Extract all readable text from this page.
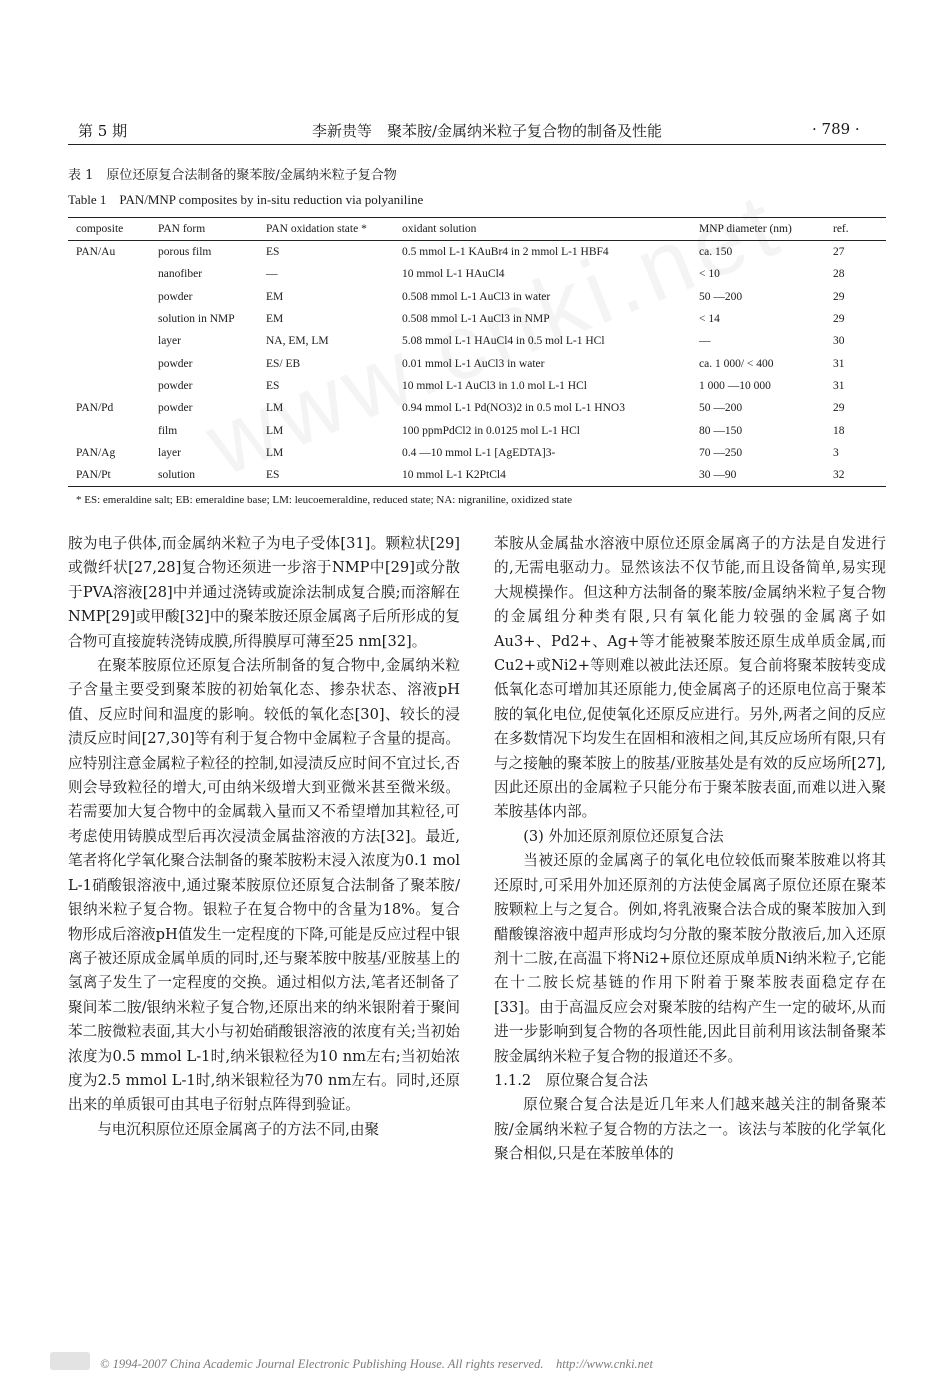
第 5 期	李新贵等　聚苯胺/金属纳米粒子复合物的制备及性能	· 789 ·
表 1　原位还原复合法制备的聚苯胺/金属纳米粒子复合物
Table 1　PAN/MNP composites by in-situ reduction via polyaniline
composite	PAN form	PAN oxidation state *	oxidant solution	MNP diameter (nm)	ref.
PAN/Au	porous film	ES	0.5 mmol L-1 KAuBr4 in 2 mmol L-1 HBF4	ca. 150	27
	nanofiber	—	10 mmol L-1 HAuCl4	< 10	28
	powder	EM	0.508 mmol L-1 AuCl3 in water	50 —200	29
	solution in NMP	EM	0.508 mmol L-1 AuCl3 in NMP	< 14	29
	layer	NA, EM, LM	5.08 mmol L-1 HAuCl4 in 0.5 mol L-1 HCl	—	30
	powder	ES/ EB	0.01 mmol L-1 AuCl3 in water	ca. 1 000/ < 400	31
	powder	ES	10 mmol L-1 AuCl3 in 1.0 mol L-1 HCl	1 000 —10 000	31
PAN/Pd	powder	LM	0.94 mmol L-1 Pd(NO3)2 in 0.5 mol L-1 HNO3	50 —200	29
	film	LM	100 ppmPdCl2 in 0.0125 mol L-1 HCl	80 —150	18
PAN/Ag	layer	LM	0.4 —10 mmol L-1 [AgEDTA]3-	70 —250	3
PAN/Pt	solution	ES	10 mmol L-1 K2PtCl4	30 —90	32
* ES: emeraldine salt; EB: emeraldine base; LM: leucoemeraldine, reduced state; NA: nigraniline, oxidized state

胺为电子供体,而金属纳米粒子为电子受体[31]。颗粒状[29]或微纤状[27,28]复合物还须进一步溶于NMP中[29]或分散于PVA溶液[28]中并通过浇铸或旋涂法制成复合膜;而溶解在NMP[29]或甲酸[32]中的聚苯胺还原金属离子后所形成的复合物可直接旋转浇铸成膜,所得膜厚可薄至25 nm[32]。

在聚苯胺原位还原复合法所制备的复合物中,金属纳米粒子含量主要受到聚苯胺的初始氧化态、掺杂状态、溶液pH值、反应时间和温度的影响。较低的氧化态[30]、较长的浸渍反应时间[27,30]等有利于复合物中金属粒子含量的提高。应特别注意金属粒子粒径的控制,如浸渍反应时间不宜过长,否则会导致粒径的增大,可由纳米级增大到亚微米甚至微米级。若需要加大复合物中的金属载入量而又不希望增加其粒径,可考虑使用铸膜成型后再次浸渍金属盐溶液的方法[32]。最近,笔者将化学氧化聚合法制备的聚苯胺粉末浸入浓度为0.1 mol L-1硝酸银溶液中,通过聚苯胺原位还原复合法制备了聚苯胺/银纳米粒子复合物。银粒子在复合物中的含量为18%。复合物形成后溶液pH值发生一定程度的下降,可能是反应过程中银离子被还原成金属单质的同时,还与聚苯胺中胺基/亚胺基上的氢离子发生了一定程度的交换。通过相似方法,笔者还制备了聚间苯二胺/银纳米粒子复合物,还原出来的纳米银附着于聚间苯二胺微粒表面,其大小与初始硝酸银溶液的浓度有关;当初始浓度为0.5 mmol L-1时,纳米银粒径为10 nm左右;当初始浓度为2.5 mmol L-1时,纳米银粒径为70 nm左右。同时,还原出来的单质银可由其电子衍射点阵得到验证。

与电沉积原位还原金属离子的方法不同,由聚

苯胺从金属盐水溶液中原位还原金属离子的方法是自发进行的,无需电驱动力。显然该法不仅节能,而且设备简单,易实现大规模操作。但这种方法制备的聚苯胺/金属纳米粒子复合物的金属组分种类有限,只有氧化能力较强的金属离子如Au3+、Pd2+、Ag+等才能被聚苯胺还原生成单质金属,而Cu2+或Ni2+等则难以被此法还原。复合前将聚苯胺转变成低氧化态可增加其还原能力,使金属离子的还原电位高于聚苯胺的氧化电位,促使氧化还原反应进行。另外,两者之间的反应在多数情况下均发生在固相和液相之间,其反应场所有限,只有与之接触的聚苯胺上的胺基/亚胺基处是有效的反应场所[27],因此还原出的金属粒子只能分布于聚苯胺表面,而难以进入聚苯胺基体内部。

(3) 外加还原剂原位还原复合法

当被还原的金属离子的氧化电位较低而聚苯胺难以将其还原时,可采用外加还原剂的方法使金属离子原位还原在聚苯胺颗粒上与之复合。例如,将乳液聚合法合成的聚苯胺加入到醋酸镍溶液中超声形成均匀分散的聚苯胺分散液后,加入还原剂十二胺,在高温下将Ni2+原位还原成单质Ni纳米粒子,它能在十二胺长烷基链的作用下附着于聚苯胺表面稳定存在[33]。由于高温反应会对聚苯胺的结构产生一定的破坏,从而进一步影响到复合物的各项性能,因此目前利用该法制备聚苯胺金属纳米粒子复合物的报道还不多。

1.1.2　原位聚合复合法

原位聚合复合法是近几年来人们越来越关注的制备聚苯胺/金属纳米粒子复合物的方法之一。该法与苯胺的化学氧化聚合相似,只是在苯胺单体的

© 1994-2007 China Academic Journal Electronic Publishing House. All rights reserved.　http://www.cnki.net
